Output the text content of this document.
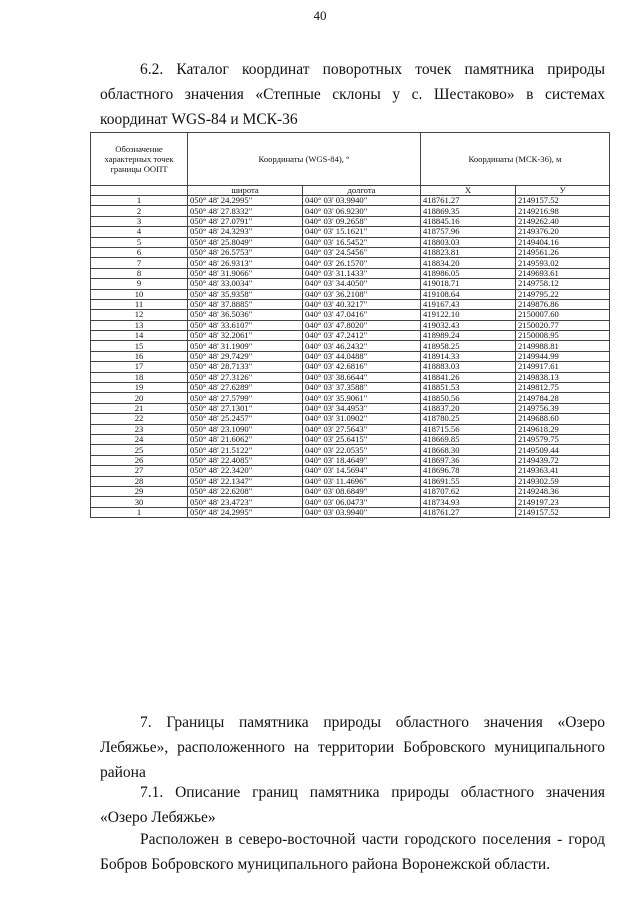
40
6.2. Каталог координат поворотных точек памятника природы областного значения «Степные склоны у с. Шестаково» в системах координат WGS-84 и МСК-36
Обозначение характерных точек границы ООПТ	Координаты (WGS-84), °		Координаты (МСК-36), м	
	широта	долгота	X	У
1	050° 48' 24.2995"	040° 03' 03.9940"	418761.27	2149157.52
2	050° 48' 27.8332"	040° 03' 06.9230"	418869.35	2149216.98
3	050° 48' 27.0791"	040° 03' 09.2658"	418845.16	2149262.40
4	050° 48' 24.3293"	040° 03' 15.1621"	418757.96	2149376.20
5	050° 48' 25.8049"	040° 03' 16.5452"	418803.03	2149404.16
6	050° 48' 26.5753"	040° 03' 24.5456"	418823.81	2149561.26
7	050° 48' 26.9313"	040° 03' 26.1570"	418834.20	2149593.02
8	050° 48' 31.9066"	040° 03' 31.1433"	418986.05	2149693.61
9	050° 48' 33.0034"	040° 03' 34.4050"	419018.71	2149758.12
10	050° 48' 35.9358"	040° 03' 36.2108"	419108.64	2149795.22
11	050° 48' 37.8885"	040° 03' 40.3217"	419167.43	2149876.86
12	050° 48' 36.5036"	040° 03' 47.0416"	419122.10	2150007.60
13	050° 48' 33.6107"	040° 03' 47.8020"	419032.43	2150020.77
14	050° 48' 32.2061"	040° 03' 47.2412"	418989.24	2150008.95
15	050° 48' 31.1909"	040° 03' 46.2432"	418958.25	2149988.81
16	050° 48' 29.7429"	040° 03' 44.0488"	418914.33	2149944.99
17	050° 48' 28.7133"	040° 03' 42.6816"	418883.03	2149917.61
18	050° 48' 27.3126"	040° 03' 38.6644"	418841.26	2149838.13
19	050° 48' 27.6289"	040° 03' 37.3588"	418851.53	2149812.75
20	050° 48' 27.5799"	040° 03' 35.9061"	418850.56	2149784.28
21	050° 48' 27.1301"	040° 03' 34.4953"	418837.20	2149756.39
22	050° 48' 25.2457"	040° 03' 31.0902"	418780.25	2149688.60
23	050° 48' 23.1090"	040° 03' 27.5643"	418715.56	2149618.29
24	050° 48' 21.6062"	040° 03' 25.6415"	418669.85	2149579.75
25	050° 48' 21.5122"	040° 03' 22.0535"	418668.30	2149509.44
26	050° 48' 22.4085"	040° 03' 18.4649"	418697.36	2149439.72
27	050° 48' 22.3420"	040° 03' 14.5694"	418696.78	2149363.41
28	050° 48' 22.1347"	040° 03' 11.4696"	418691.55	2149302.59
29	050° 48' 22.6208"	040° 03' 08.6849"	418707.62	2149248.36
30	050° 48' 23.4723"	040° 03' 06.0473"	418734.93	2149197.23
1	050° 48' 24.2995"	040° 03' 03.9940"	418761.27	2149157.52
7. Границы памятника природы областного значения «Озеро Лебяжье», расположенного на территории Бобровского муниципального района
7.1. Описание границ памятника природы областного значения «Озеро Лебяжье»
Расположен в северо-восточной части городского поселения - город Бобров Бобровского муниципального района Воронежской области.
